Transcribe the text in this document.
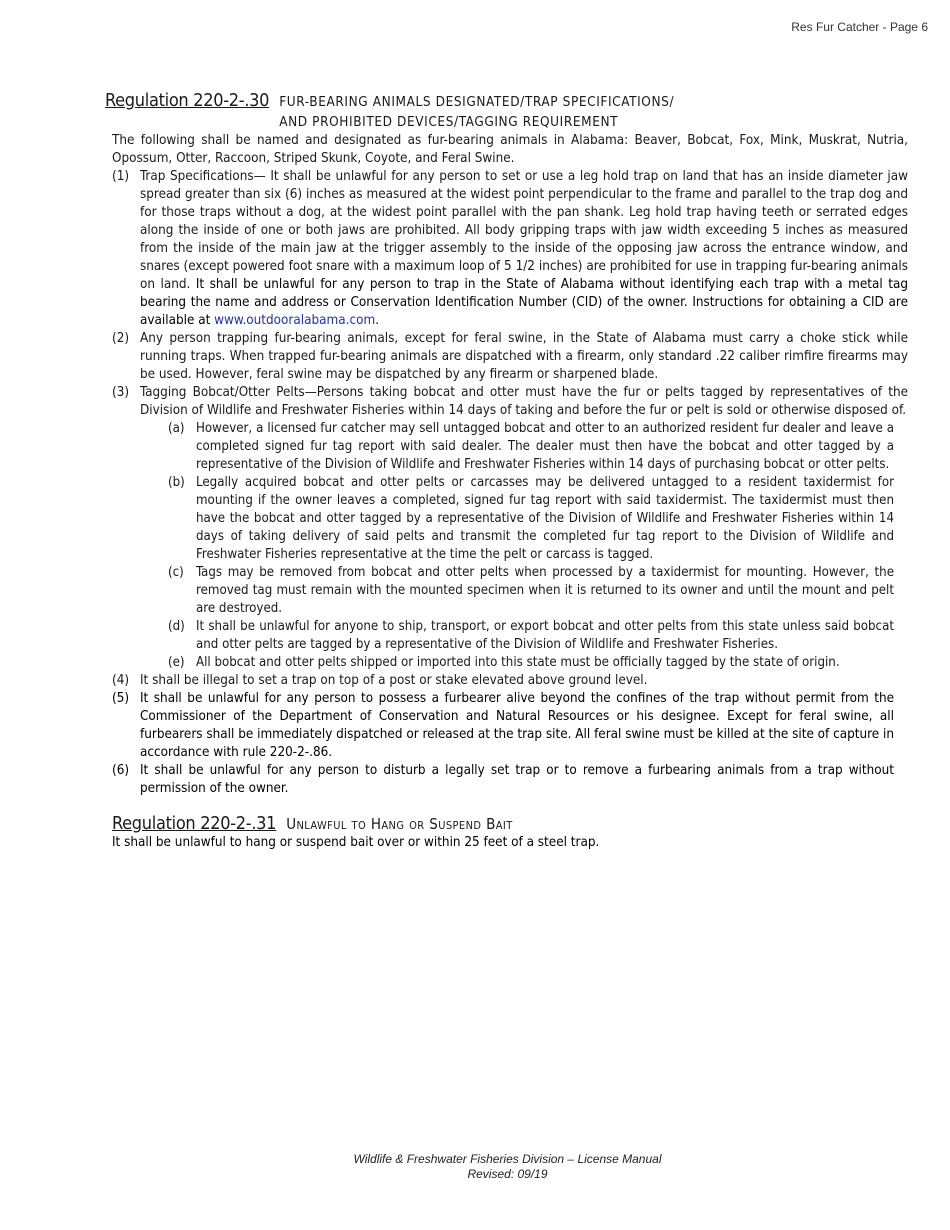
Res Fur Catcher - Page 6
Regulation 220-2-.30 FUR-BEARING ANIMALS DESIGNATED/TRAP SPECIFICATIONS/
AND PROHIBITED DEVICES/TAGGING REQUIREMENT
The following shall be named and designated as fur-bearing animals in Alabama: Beaver, Bobcat, Fox, Mink, Muskrat, Nutria, Opossum, Otter, Raccoon, Striped Skunk, Coyote, and Feral Swine.
(1) Trap Specifications— It shall be unlawful for any person to set or use a leg hold trap on land that has an inside diameter jaw spread greater than six (6) inches as measured at the widest point perpendicular to the frame and parallel to the trap dog and for those traps without a dog, at the widest point parallel with the pan shank. Leg hold trap having teeth or serrated edges along the inside of one or both jaws are prohibited. All body gripping traps with jaw width exceeding 5 inches as measured from the inside of the main jaw at the trigger assembly to the inside of the opposing jaw across the entrance window, and snares (except powered foot snare with a maximum loop of 5 1/2 inches) are prohibited for use in trapping fur-bearing animals on land. It shall be unlawful for any person to trap in the State of Alabama without identifying each trap with a metal tag bearing the name and address or Conservation Identification Number (CID) of the owner. Instructions for obtaining a CID are available at www.outdooralabama.com.
(2) Any person trapping fur-bearing animals, except for feral swine, in the State of Alabama must carry a choke stick while running traps. When trapped fur-bearing animals are dispatched with a firearm, only standard .22 caliber rimfire firearms may be used. However, feral swine may be dispatched by any firearm or sharpened blade.
(3) Tagging Bobcat/Otter Pelts—Persons taking bobcat and otter must have the fur or pelts tagged by representatives of the Division of Wildlife and Freshwater Fisheries within 14 days of taking and before the fur or pelt is sold or otherwise disposed of.
(a) However, a licensed fur catcher may sell untagged bobcat and otter to an authorized resident fur dealer and leave a completed signed fur tag report with said dealer. The dealer must then have the bobcat and otter tagged by a representative of the Division of Wildlife and Freshwater Fisheries within 14 days of purchasing bobcat or otter pelts.
(b) Legally acquired bobcat and otter pelts or carcasses may be delivered untagged to a resident taxidermist for mounting if the owner leaves a completed, signed fur tag report with said taxidermist. The taxidermist must then have the bobcat and otter tagged by a representative of the Division of Wildlife and Freshwater Fisheries within 14 days of taking delivery of said pelts and transmit the completed fur tag report to the Division of Wildlife and Freshwater Fisheries representative at the time the pelt or carcass is tagged.
(c) Tags may be removed from bobcat and otter pelts when processed by a taxidermist for mounting. However, the removed tag must remain with the mounted specimen when it is returned to its owner and until the mount and pelt are destroyed.
(d) It shall be unlawful for anyone to ship, transport, or export bobcat and otter pelts from this state unless said bobcat and otter pelts are tagged by a representative of the Division of Wildlife and Freshwater Fisheries.
(e) All bobcat and otter pelts shipped or imported into this state must be officially tagged by the state of origin.
(4) It shall be illegal to set a trap on top of a post or stake elevated above ground level.
(5) It shall be unlawful for any person to possess a furbearer alive beyond the confines of the trap without permit from the Commissioner of the Department of Conservation and Natural Resources or his designee. Except for feral swine, all furbearers shall be immediately dispatched or released at the trap site. All feral swine must be killed at the site of capture in accordance with rule 220-2-.86.
(6) It shall be unlawful for any person to disturb a legally set trap or to remove a furbearing animals from a trap without permission of the owner.
Regulation 220-2-.31 Unlawful to Hang or Suspend Bait
It shall be unlawful to hang or suspend bait over or within 25 feet of a steel trap.
Wildlife & Freshwater Fisheries Division – License Manual
Revised: 09/19
